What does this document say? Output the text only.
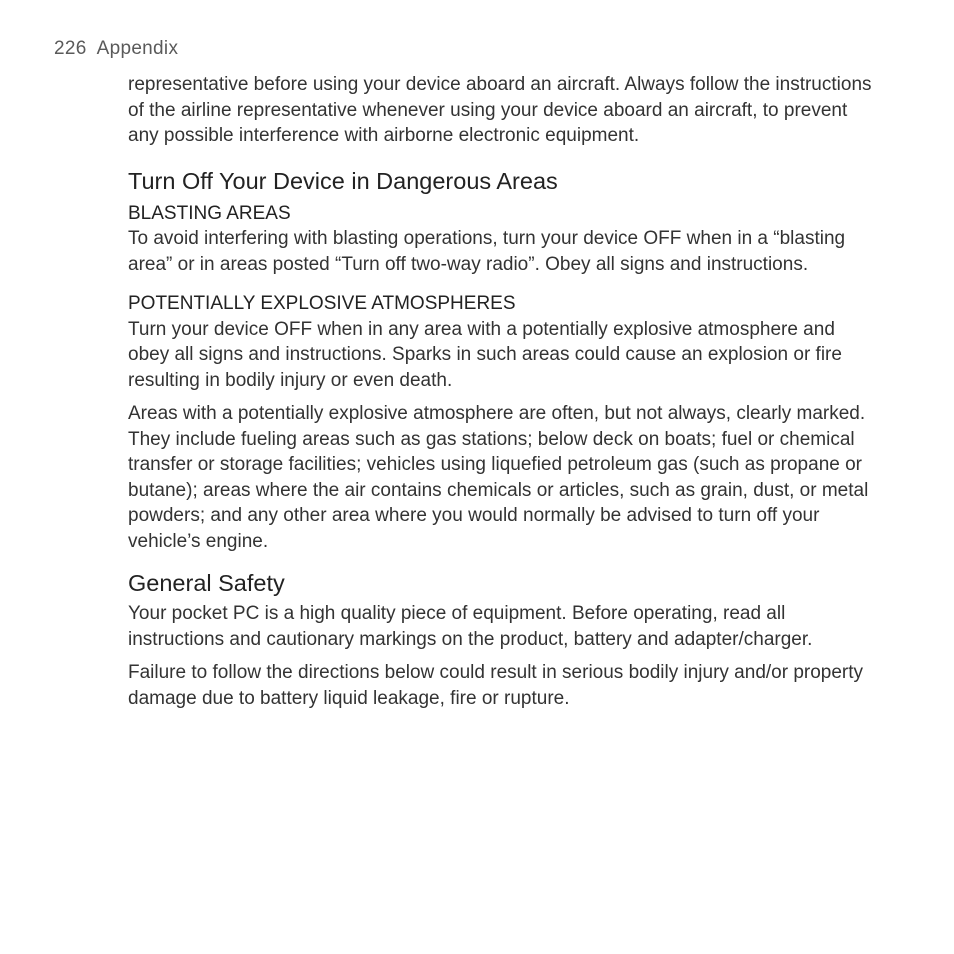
226 Appendix

representative before using your device aboard an aircraft. Always follow the instructions of the airline representative whenever using your device aboard an aircraft, to prevent any possible interference with airborne electronic equipment.

Turn Off Your Device in Dangerous Areas
BLASTING AREAS

To avoid interfering with blasting operations, turn your device OFF when in a “blasting area” or in areas posted “Turn off two-way radio”. Obey all signs and instructions.

POTENTIALLY EXPLOSIVE ATMOSPHERES

Turn your device OFF when in any area with a potentially explosive atmosphere and obey all signs and instructions. Sparks in such areas could cause an explosion or fire resulting in bodily injury or even death.

Areas with a potentially explosive atmosphere are often, but not always, clearly marked. They include fueling areas such as gas stations; below deck on boats; fuel or chemical transfer or storage facilities; vehicles using liquefied petroleum gas (such as propane or butane); areas where the air contains chemicals or articles, such as grain, dust, or metal powders; and any other area where you would normally be advised to turn off your vehicle’s engine.

General Safety

Your pocket PC is a high quality piece of equipment. Before operating, read all instructions and cautionary markings on the product, battery and adapter/charger.

Failure to follow the directions below could result in serious bodily injury and/or property damage due to battery liquid leakage, fire or rupture.
